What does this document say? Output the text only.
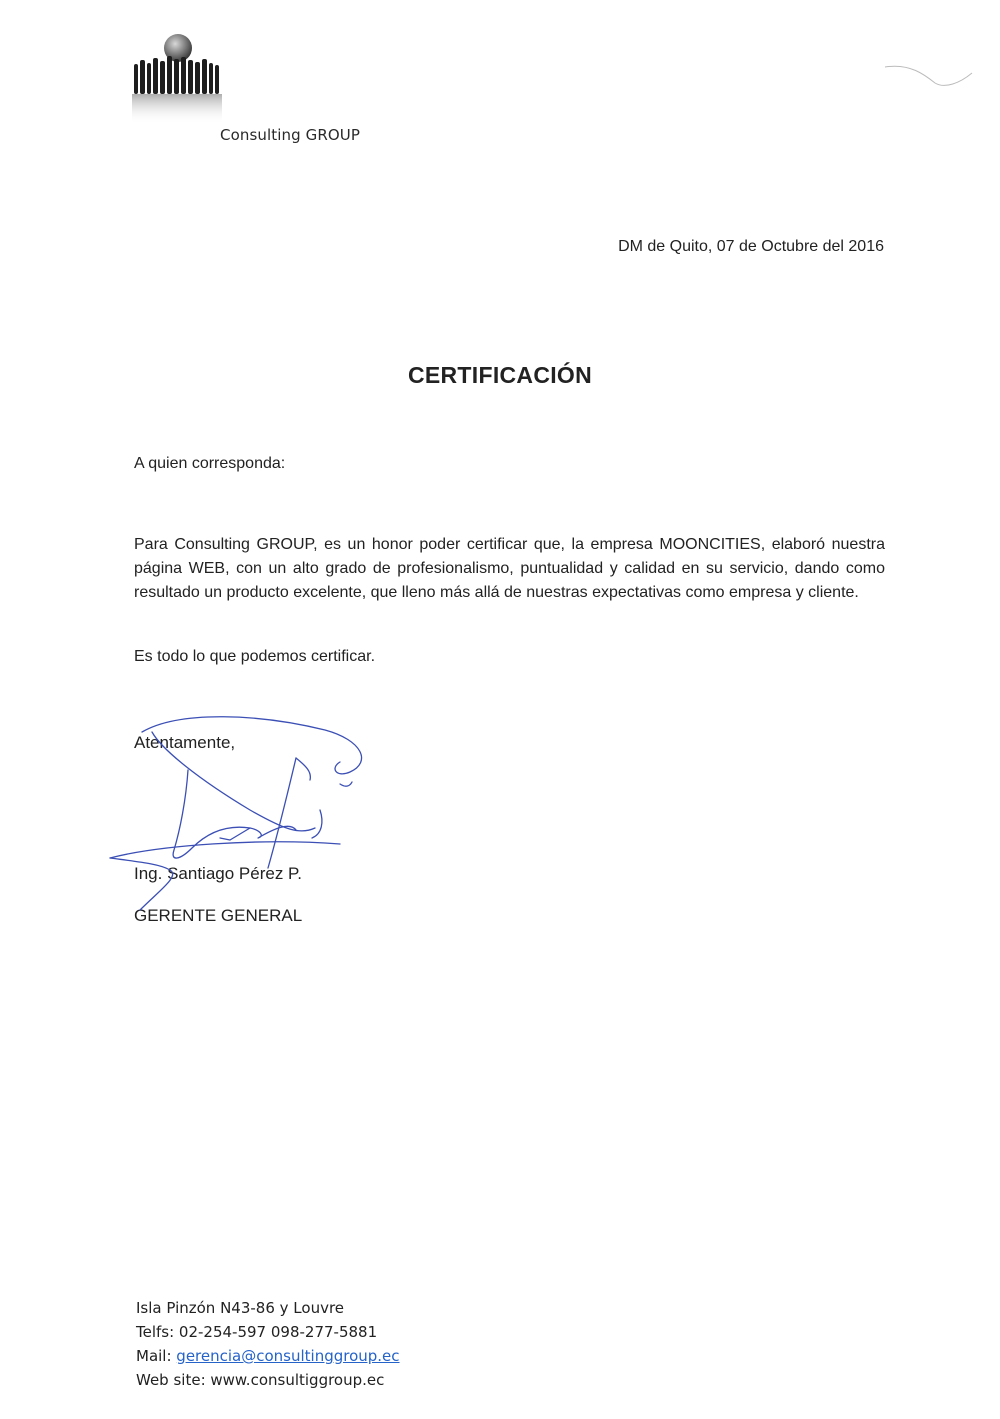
Consulting GROUP
DM de Quito, 07 de Octubre del 2016
CERTIFICACIÓN
A quien corresponda:

Para Consulting GROUP, es un honor poder certificar que, la empresa MOONCITIES, elaboró nuestra página WEB, con un alto grado de profesionalismo, puntualidad y calidad en su servicio, dando como resultado un producto excelente, que lleno más allá de nuestras expectativas como empresa y cliente.

Es todo lo que podemos certificar.
Atentamente,
Ing. Santiago Pérez P.
GERENTE GENERAL
Isla Pinzón N43-86 y Louvre
Telfs: 02-254-597 098-277-5881
Mail: gerencia@consultinggroup.ec
Web site: www.consultiggroup.ec
